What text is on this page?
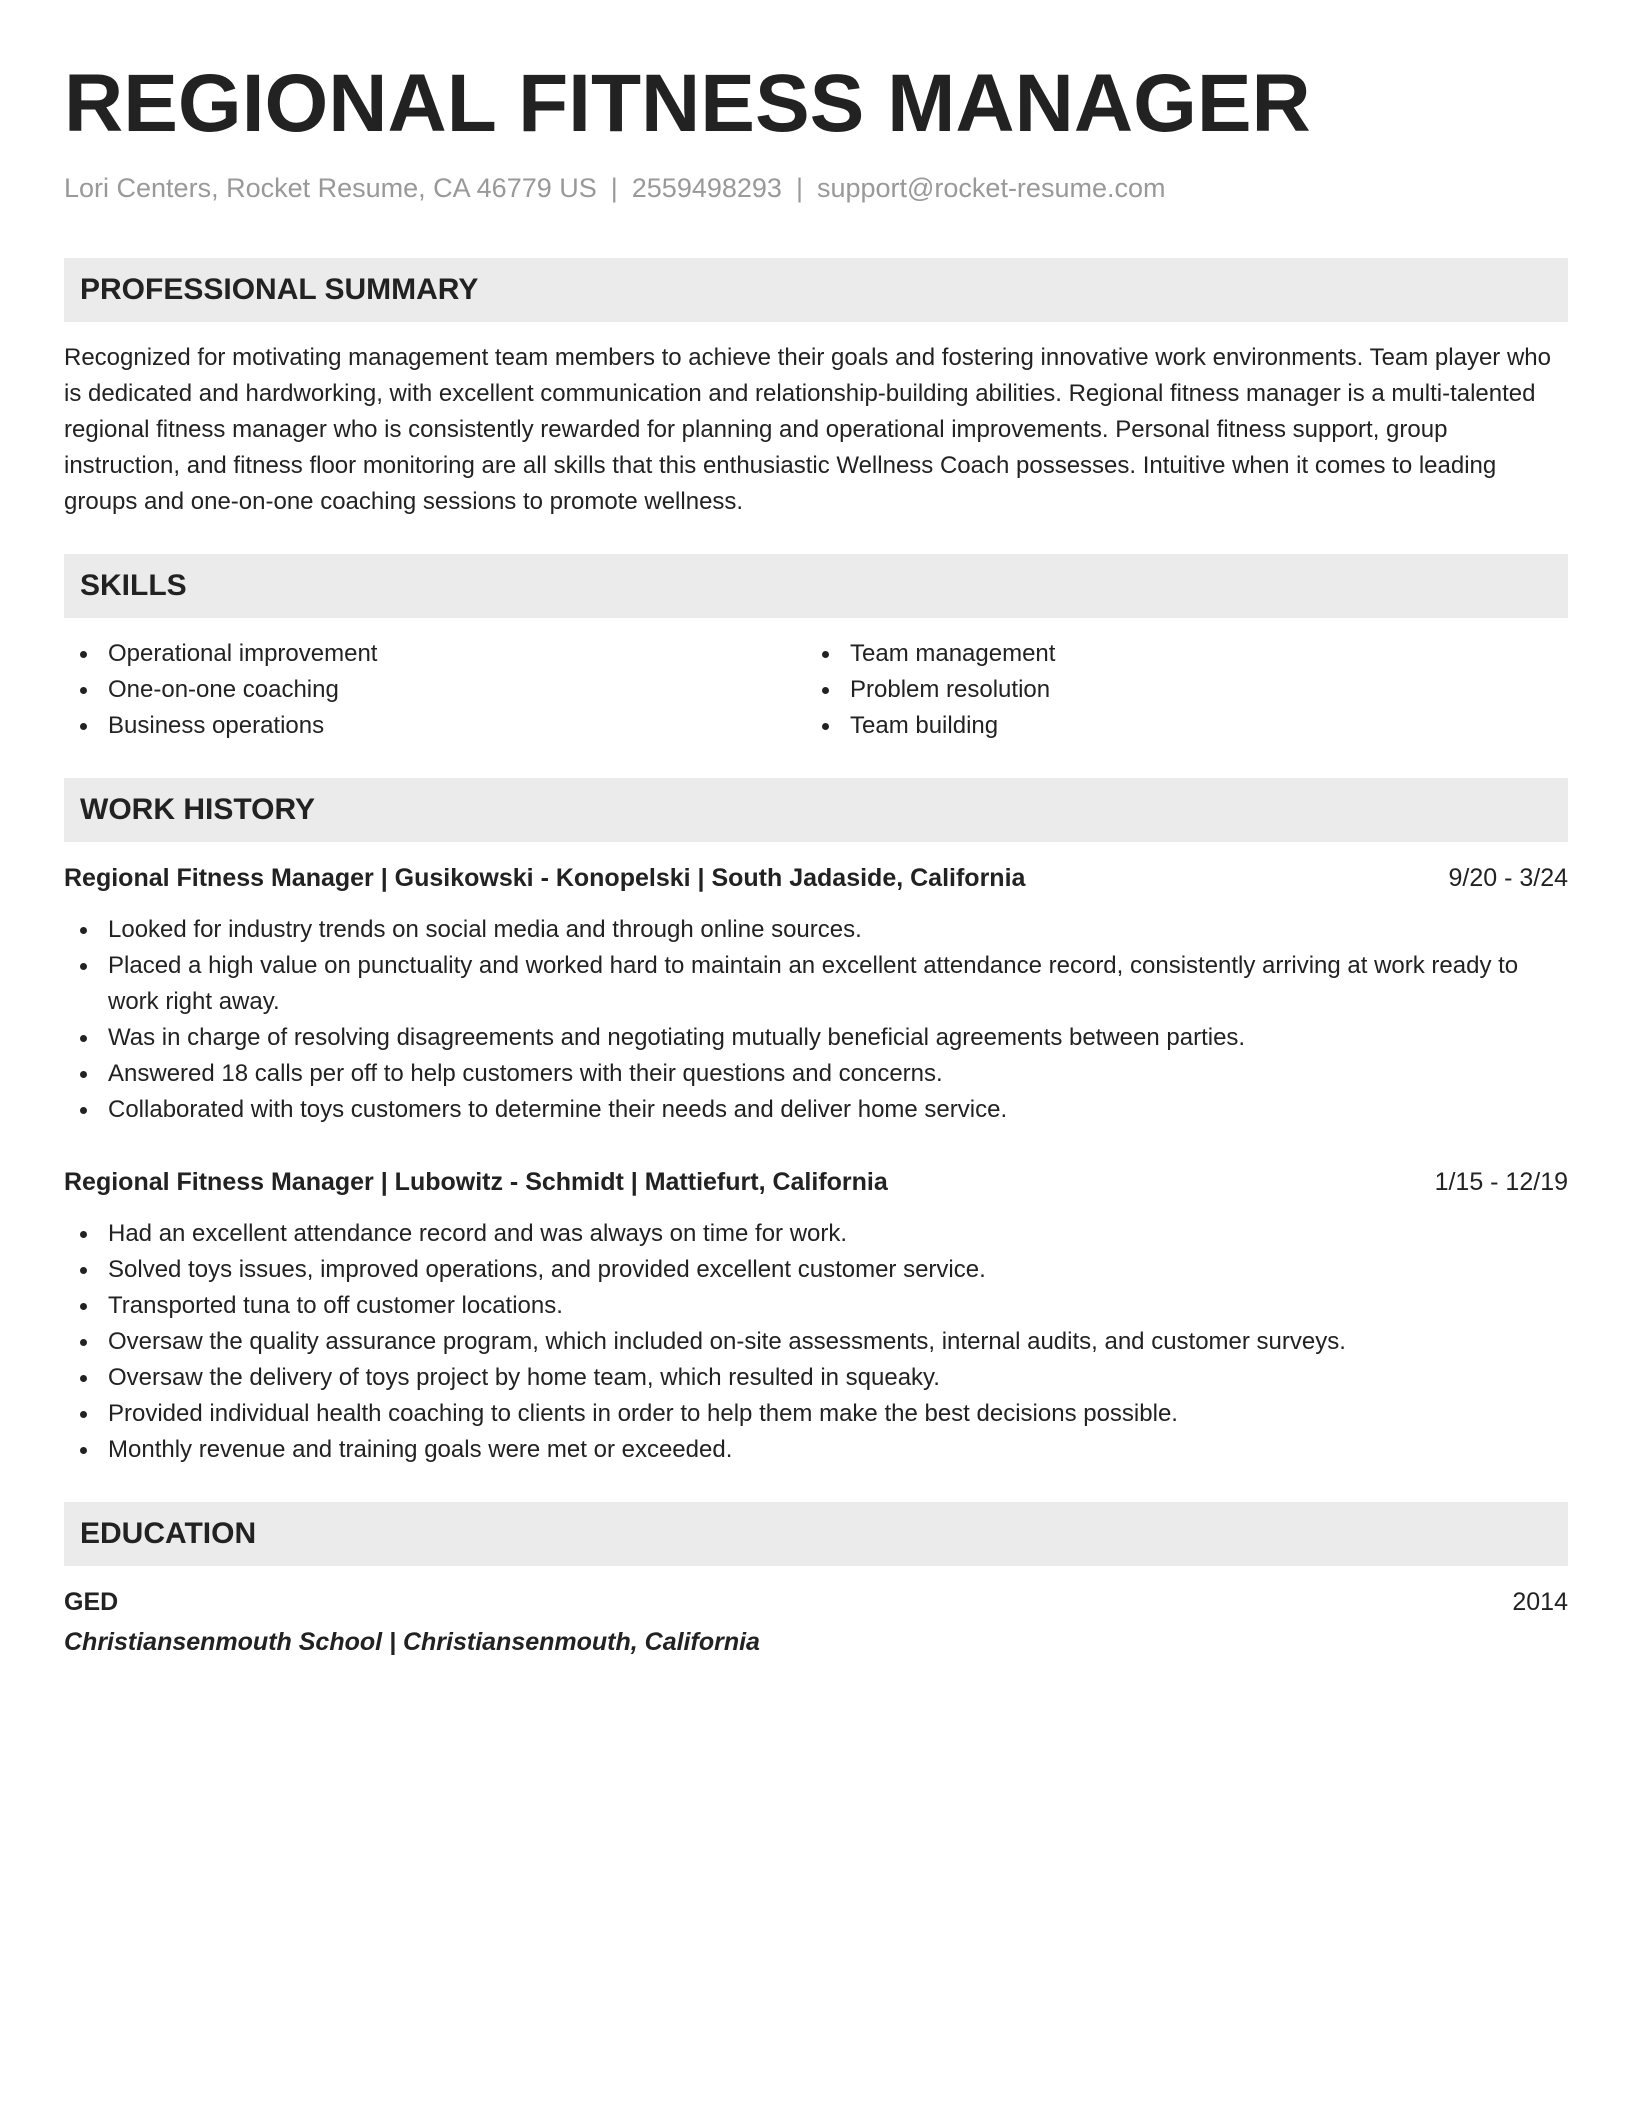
REGIONAL FITNESS MANAGER
Lori Centers, Rocket Resume, CA 46779 US | 2559498293 | support@rocket-resume.com
PROFESSIONAL SUMMARY

Recognized for motivating management team members to achieve their goals and fostering innovative work environments. Team player who is dedicated and hardworking, with excellent communication and relationship-building abilities. Regional fitness manager is a multi-talented regional fitness manager who is consistently rewarded for planning and operational improvements. Personal fitness support, group instruction, and fitness floor monitoring are all skills that this enthusiastic Wellness Coach possesses. Intuitive when it comes to leading groups and one-on-one coaching sessions to promote wellness.

SKILLS
Operational improvement
One-on-one coaching
Business operations
Team management
Problem resolution
Team building
WORK HISTORY
Regional Fitness Manager | Gusikowski - Konopelski | South Jadaside, California	9/20 - 3/24
Looked for industry trends on social media and through online sources.
Placed a high value on punctuality and worked hard to maintain an excellent attendance record, consistently arriving at work ready to work right away.
Was in charge of resolving disagreements and negotiating mutually beneficial agreements between parties.
Answered 18 calls per off to help customers with their questions and concerns.
Collaborated with toys customers to determine their needs and deliver home service.
Regional Fitness Manager | Lubowitz - Schmidt | Mattiefurt, California	1/15 - 12/19
Had an excellent attendance record and was always on time for work.
Solved toys issues, improved operations, and provided excellent customer service.
Transported tuna to off customer locations.
Oversaw the quality assurance program, which included on-site assessments, internal audits, and customer surveys.
Oversaw the delivery of toys project by home team, which resulted in squeaky.
Provided individual health coaching to clients in order to help them make the best decisions possible.
Monthly revenue and training goals were met or exceeded.
EDUCATION
GED	2014
Christiansenmouth School | Christiansenmouth, California
